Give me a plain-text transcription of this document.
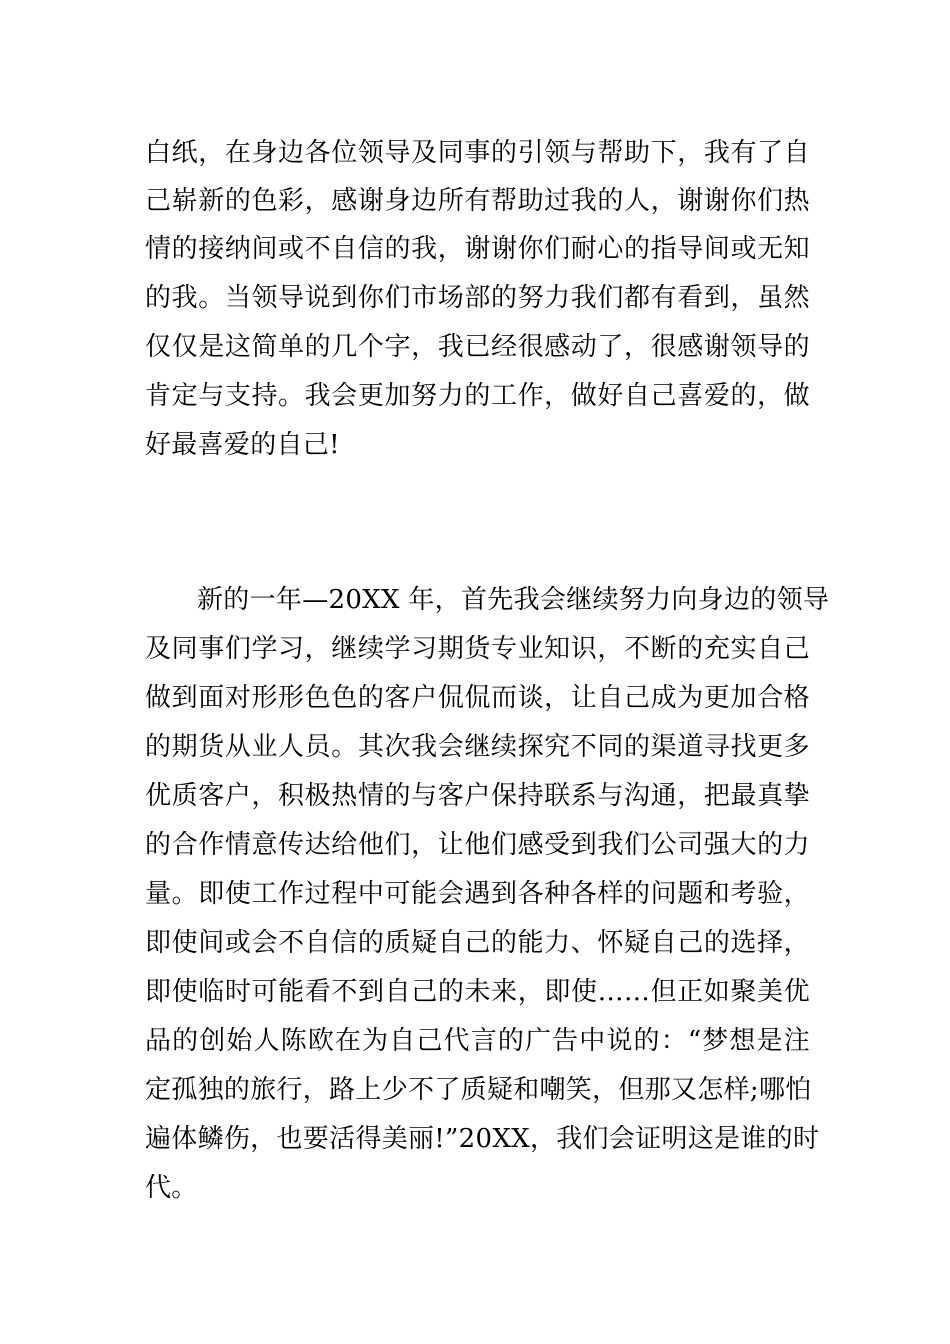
白纸，在身边各位领导及同事的引领与帮助下，我有了自
己崭新的色彩，感谢身边所有帮助过我的人，谢谢你们热
情的接纳间或不自信的我，谢谢你们耐心的指导间或无知
的我。当领导说到你们市场部的努力我们都有看到，虽然
仅仅是这简单的几个字，我已经很感动了，很感谢领导的
肯定与支持。我会更加努力的工作，做好自己喜爱的，做
好最喜爱的自己!
新的一年—20XX 年，首先我会继续努力向身边的领导
及同事们学习，继续学习期货专业知识，不断的充实自己
做到面对形形色色的客户侃侃而谈，让自己成为更加合格
的期货从业人员。其次我会继续探究不同的渠道寻找更多
优质客户，积极热情的与客户保持联系与沟通，把最真挚
的合作情意传达给他们，让他们感受到我们公司强大的力
量。即使工作过程中可能会遇到各种各样的问题和考验，
即使间或会不自信的质疑自己的能力、怀疑自己的选择，
即使临时可能看不到自己的未来，即使……但正如聚美优
品的创始人陈欧在为自己代言的广告中说的：“梦想是注
定孤独的旅行，路上少不了质疑和嘲笑，但那又怎样;哪怕
遍体鳞伤，也要活得美丽!”20XX，我们会证明这是谁的时
代。
